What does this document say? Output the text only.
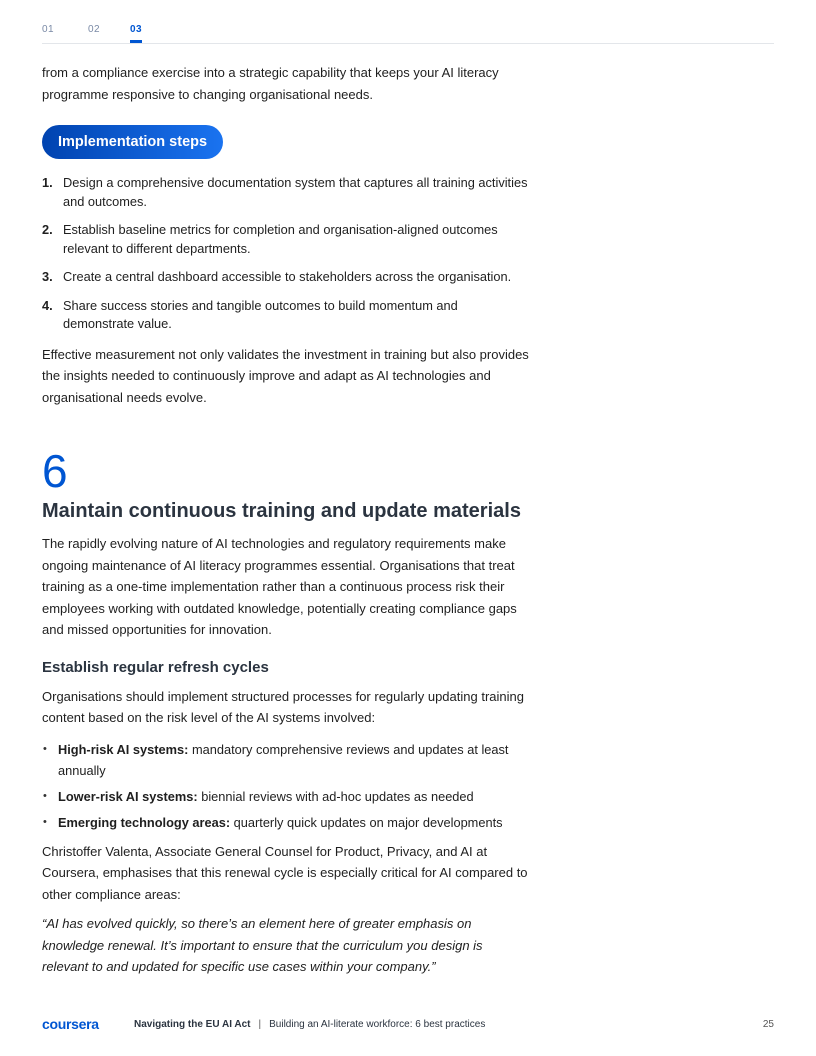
01	02	03

from a compliance exercise into a strategic capability that keeps your AI literacy programme responsive to changing organisational needs.

Implementation steps
1. Design a comprehensive documentation system that captures all training activities and outcomes.
2. Establish baseline metrics for completion and organisation-aligned outcomes relevant to different departments.
3. Create a central dashboard accessible to stakeholders across the organisation.
4. Share success stories and tangible outcomes to build momentum and demonstrate value.

Effective measurement not only validates the investment in training but also provides the insights needed to continuously improve and adapt as AI technologies and organisational needs evolve.

6
Maintain continuous training and update materials

The rapidly evolving nature of AI technologies and regulatory requirements make ongoing maintenance of AI literacy programmes essential. Organisations that treat training as a one-time implementation rather than a continuous process risk their employees working with outdated knowledge, potentially creating compliance gaps and missed opportunities for innovation.

Establish regular refresh cycles

Organisations should implement structured processes for regularly updating training content based on the risk level of the AI systems involved:

• High-risk AI systems: mandatory comprehensive reviews and updates at least annually
• Lower-risk AI systems: biennial reviews with ad-hoc updates as needed
• Emerging technology areas: quarterly quick updates on major developments

Christoffer Valenta, Associate General Counsel for Product, Privacy, and AI at Coursera, emphasises that this renewal cycle is especially critical for AI compared to other compliance areas:

“AI has evolved quickly, so there’s an element here of greater emphasis on knowledge renewal. It’s important to ensure that the curriculum you design is relevant to and updated for specific use cases within your company.”

coursera	Navigating the EU AI Act | Building an AI-literate workforce: 6 best practices	25
